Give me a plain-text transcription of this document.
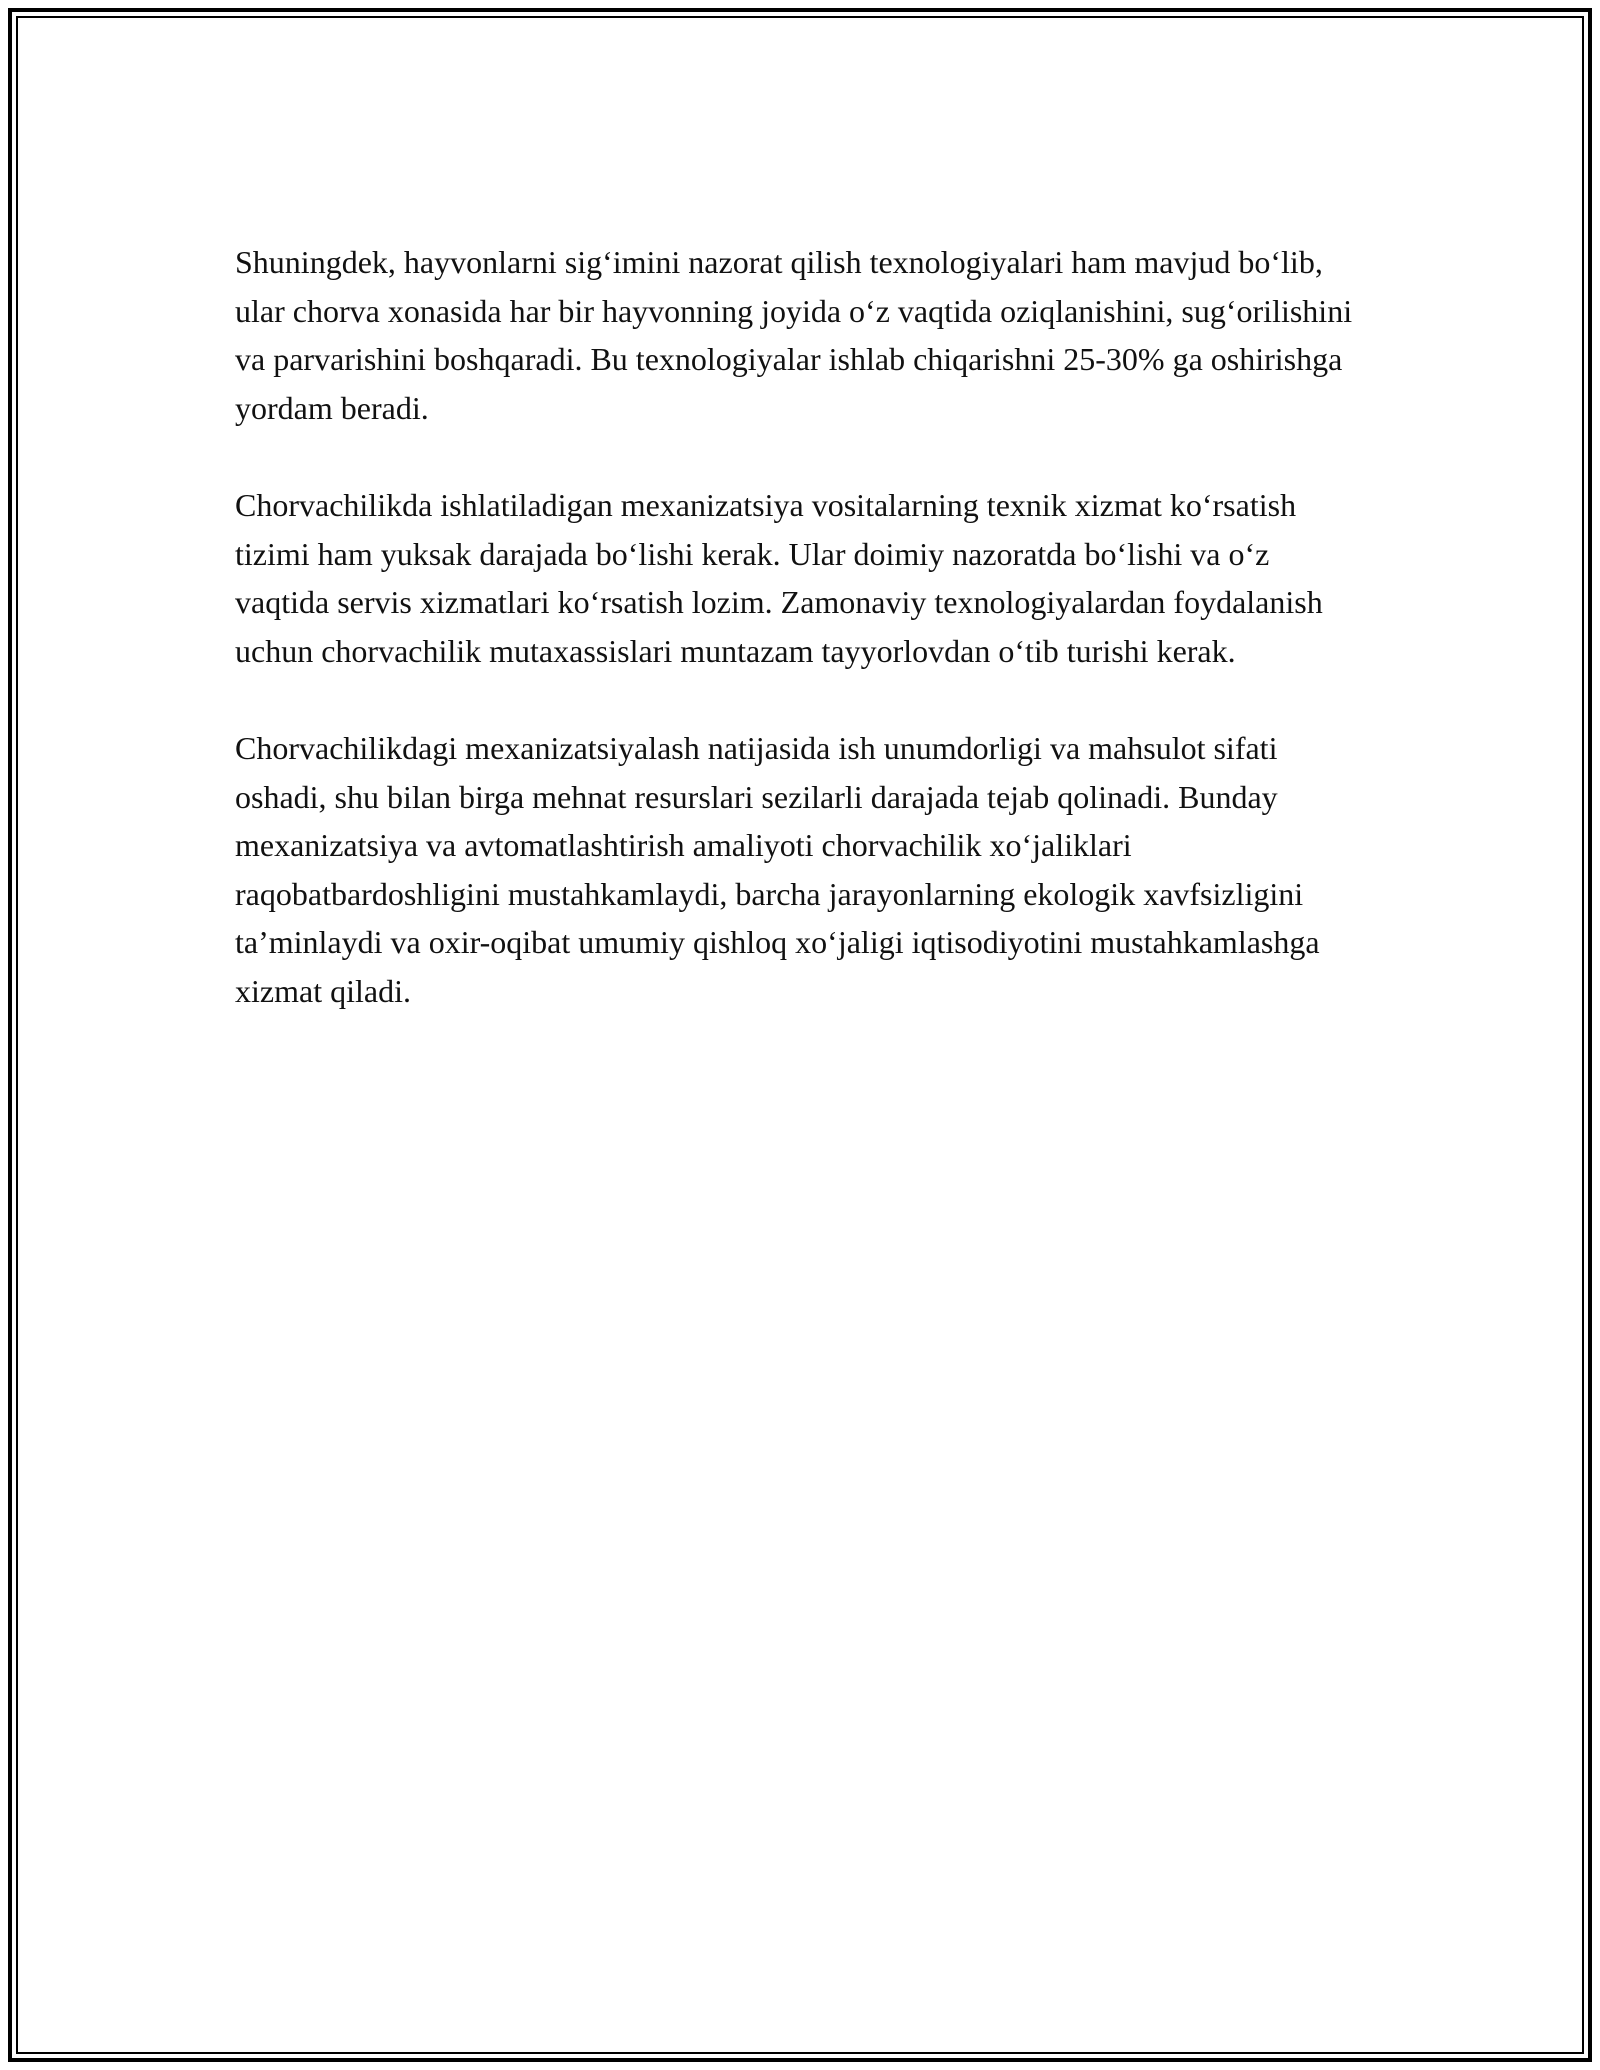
Shuningdek, hayvonlarni sig‘imini nazorat qilish texnologiyalari ham mavjud bo‘lib, ular chorva xonasida har bir hayvonning joyida o‘z vaqtida oziqlanishini, sug‘orilishini va parvarishini boshqaradi. Bu texnologiyalar ishlab chiqarishni 25-30% ga oshirishga yordam beradi.

Chorvachilikda ishlatiladigan mexanizatsiya vositalarning texnik xizmat ko‘rsatish tizimi ham yuksak darajada bo‘lishi kerak. Ular doimiy nazoratda bo‘lishi va o‘z vaqtida servis xizmatlari ko‘rsatish lozim. Zamonaviy texnologiyalardan foydalanish uchun chorvachilik mutaxassislari muntazam tayyorlovdan o‘tib turishi kerak.

Chorvachilikdagi mexanizatsiyalash natijasida ish unumdorligi va mahsulot sifati oshadi, shu bilan birga mehnat resurslari sezilarli darajada tejab qolinadi. Bunday mexanizatsiya va avtomatlashtirish amaliyoti chorvachilik xo‘jaliklari raqobatbardoshligini mustahkamlaydi, barcha jarayonlarning ekologik xavfsizligini ta’minlaydi va oxir-oqibat umumiy qishloq xo‘jaligi iqtisodiyotini mustahkamlashga xizmat qiladi.
